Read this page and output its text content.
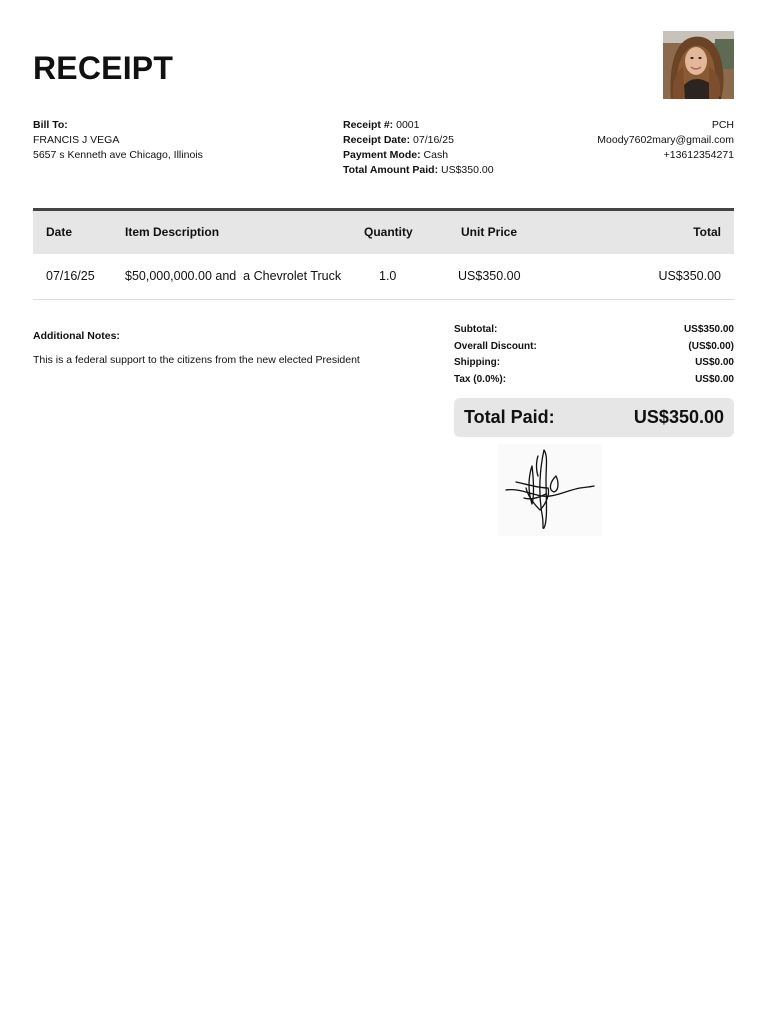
RECEIPT
Bill To:
FRANCIS J VEGA
5657 s Kenneth ave Chicago, Illinois
Receipt #: 0001
Receipt Date: 07/16/25
Payment Mode: Cash
Total Amount Paid: US$350.00
PCH
Moody7602mary@gmail.com
+13612354271
Date	Item Description	Quantity	Unit Price	Total
07/16/25 $50,000,000.00 and  a Chevrolet Truck	1.0	US$350.00	US$350.00
Additional Notes:
This is a federal support to the citizens from the new elected President
Subtotal:	US$350.00
Overall Discount:	(US$0.00)
Shipping:	US$0.00
Tax (0.0%):	US$0.00
Total Paid:	US$350.00
